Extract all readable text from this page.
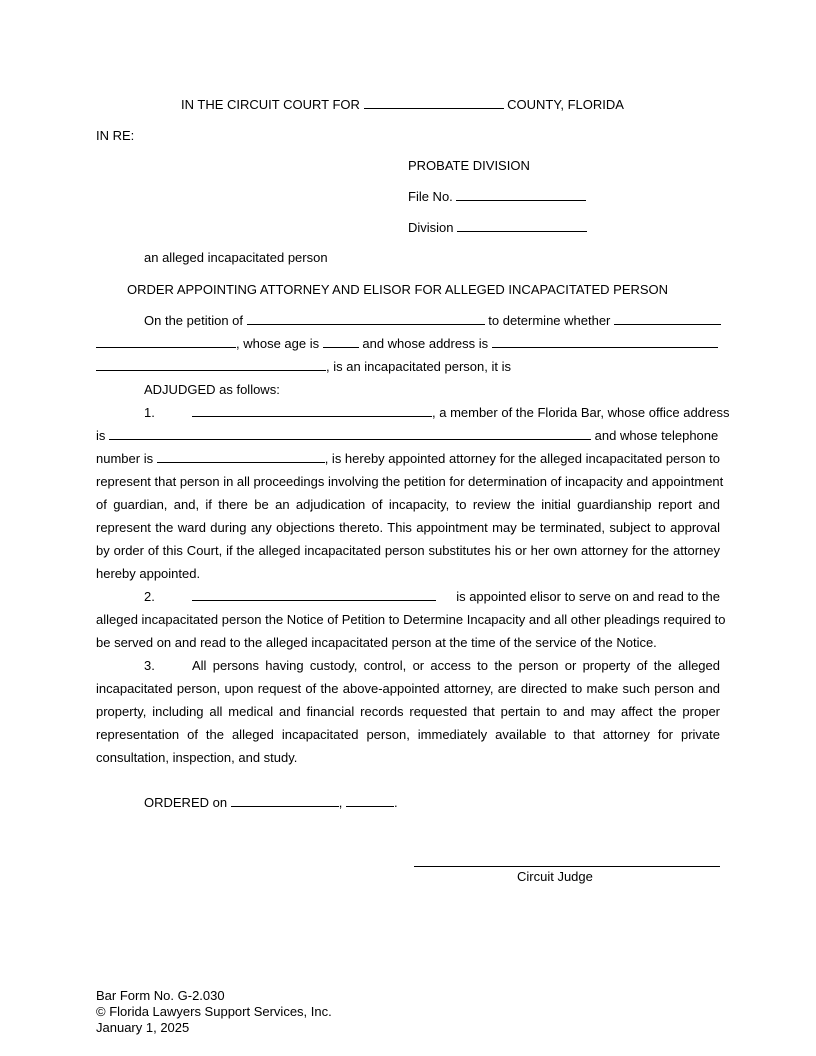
IN THE CIRCUIT COURT FOR	COUNTY, FLORIDA
IN RE:
PROBATE DIVISION
File No.
Division
an alleged incapacitated person
ORDER APPOINTING ATTORNEY AND ELISOR FOR ALLEGED INCAPACITATED PERSON
On the petition of	to determine whether
, whose age is	and whose address is
, is an incapacitated person, it is
ADJUDGED as follows:
1.	, a member of the Florida Bar, whose office address
is	and whose telephone
number is	, is hereby appointed attorney for the alleged incapacitated person to
represent that person in all proceedings involving the petition for determination of incapacity and appointment
of guardian, and, if there be an adjudication of incapacity, to review the initial guardianship report and
represent the ward during any objections thereto. This appointment may be terminated, subject to approval
by order of this Court, if the alleged incapacitated person substitutes his or her own attorney for the attorney
hereby appointed.
2.	is appointed elisor to serve on and read to the
alleged incapacitated person the Notice of Petition to Determine Incapacity and all other pleadings required to
be served on and read to the alleged incapacitated person at the time of the service of the Notice.
3.	All persons having custody, control, or access to the person or property of the alleged
incapacitated person, upon request of the above-appointed attorney, are directed to make such person and
property, including all medical and financial records requested that pertain to and may affect the proper
representation of the alleged incapacitated person, immediately available to that attorney for private
consultation, inspection, and study.
ORDERED on	,	.
Circuit Judge
Bar Form No. G-2.030
© Florida Lawyers Support Services, Inc.
January 1, 2025
